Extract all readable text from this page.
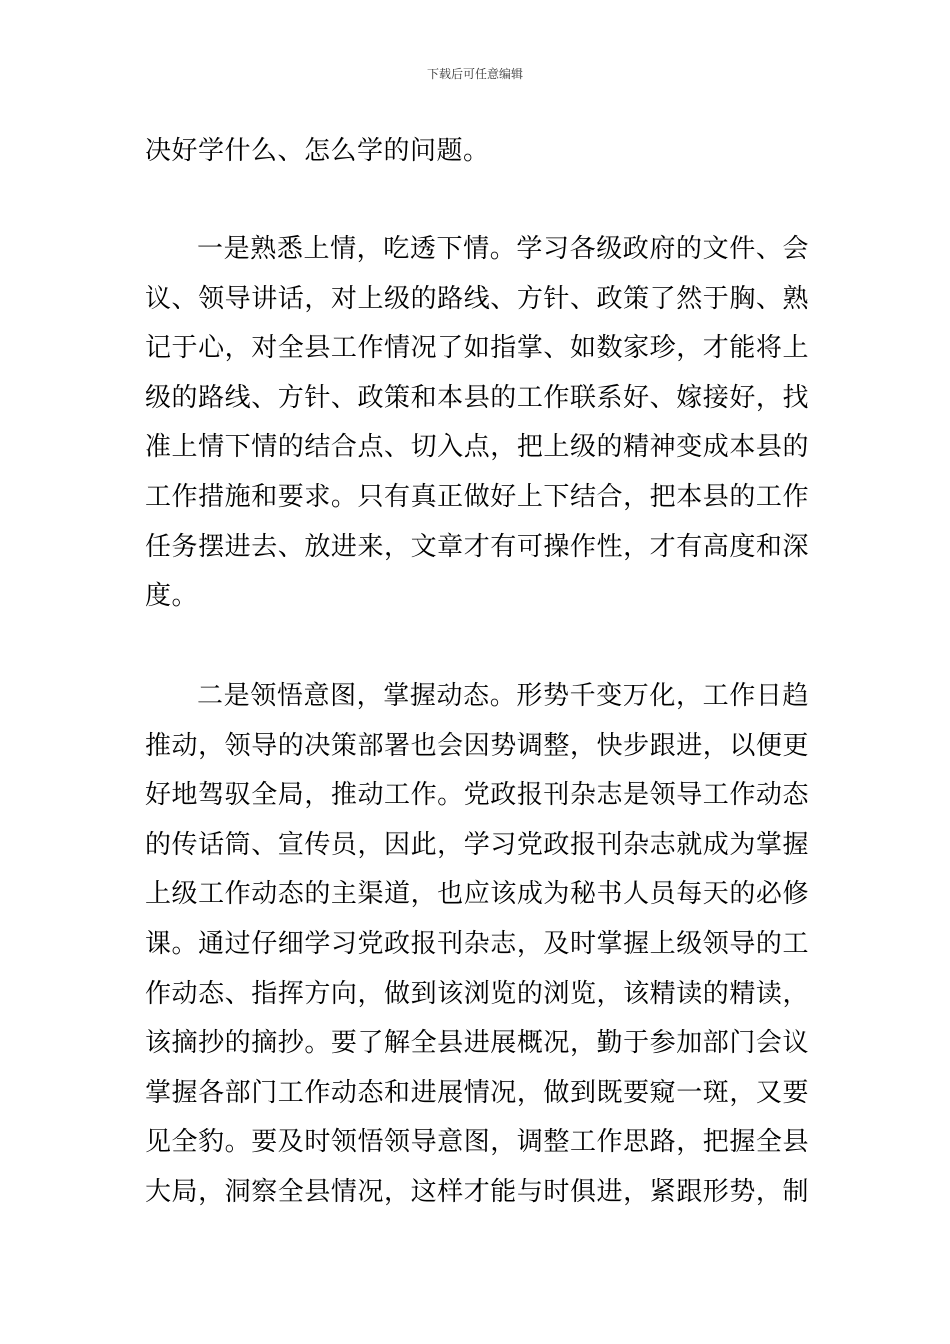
下载后可任意编辑
决好学什么、怎么学的问题。
一是熟悉上情，吃透下情。学习各级政府的文件、会
议、领导讲话，对上级的路线、方针、政策了然于胸、熟
记于心，对全县工作情况了如指掌、如数家珍，才能将上
级的路线、方针、政策和本县的工作联系好、嫁接好，找
准上情下情的结合点、切入点，把上级的精神变成本县的
工作措施和要求。只有真正做好上下结合，把本县的工作
任务摆进去、放进来，文章才有可操作性，才有高度和深
度。
二是领悟意图，掌握动态。形势千变万化，工作日趋
推动，领导的决策部署也会因势调整，快步跟进，以便更
好地驾驭全局，推动工作。党政报刊杂志是领导工作动态
的传话筒、宣传员，因此，学习党政报刊杂志就成为掌握
上级工作动态的主渠道，也应该成为秘书人员每天的必修
课。通过仔细学习党政报刊杂志，及时掌握上级领导的工
作动态、指挥方向，做到该浏览的浏览，该精读的精读，
该摘抄的摘抄。要了解全县进展概况，勤于参加部门会议
掌握各部门工作动态和进展情况，做到既要窥一斑，又要
见全豹。要及时领悟领导意图，调整工作思路，把握全县
大局，洞察全县情况，这样才能与时俱进，紧跟形势，制
